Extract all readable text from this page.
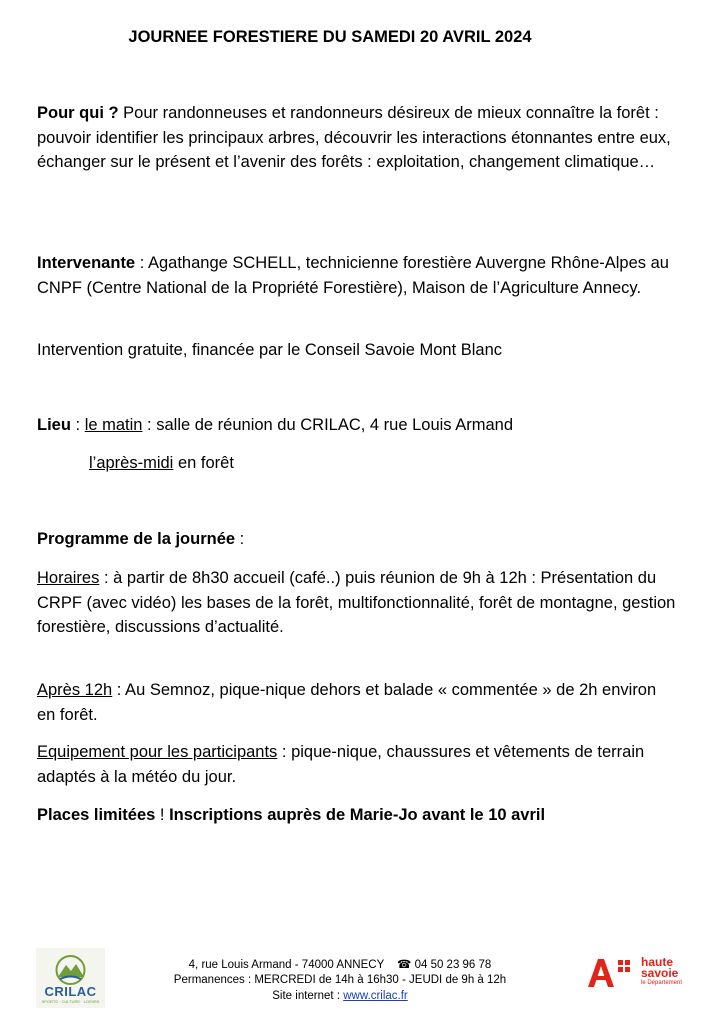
JOURNEE FORESTIERE DU SAMEDI 20 AVRIL 2024
Pour qui ? Pour randonneuses et randonneurs désireux de mieux connaître la forêt : pouvoir identifier les principaux arbres, découvrir les interactions étonnantes entre eux, échanger sur le présent et l’avenir des forêts : exploitation, changement climatique…
Intervenante : Agathange SCHELL, technicienne forestière Auvergne Rhône-Alpes au CNPF (Centre National de la Propriété Forestière), Maison de l’Agriculture Annecy.
Intervention gratuite, financée par le Conseil Savoie Mont Blanc
Lieu : le matin : salle de réunion du CRILAC, 4 rue Louis Armand
l’après-midi en forêt
Programme de la journée :
Horaires : à partir de 8h30 accueil (café..) puis réunion de 9h à 12h : Présentation du CRPF (avec vidéo) les bases de la forêt, multifonctionnalité, forêt de montagne, gestion forestière, discussions d’actualité.
Après 12h : Au Semnoz, pique-nique dehors et balade « commentée » de 2h environ en forêt.
Equipement pour les participants : pique-nique, chaussures et vêtements de terrain adaptés à la météo du jour.
Places limitées ! Inscriptions auprès de Marie-Jo avant le 10 avril
CRILAC
SPORTS · CULTURE · LOISIRS
4, rue Louis Armand - 74000 ANNECY ☎ 04 50 23 96 78
Permanences : MERCREDI de 14h à 16h30 - JEUDI de 9h à 12h
Site internet : www.crilac.fr
haute
savoie
le Département
